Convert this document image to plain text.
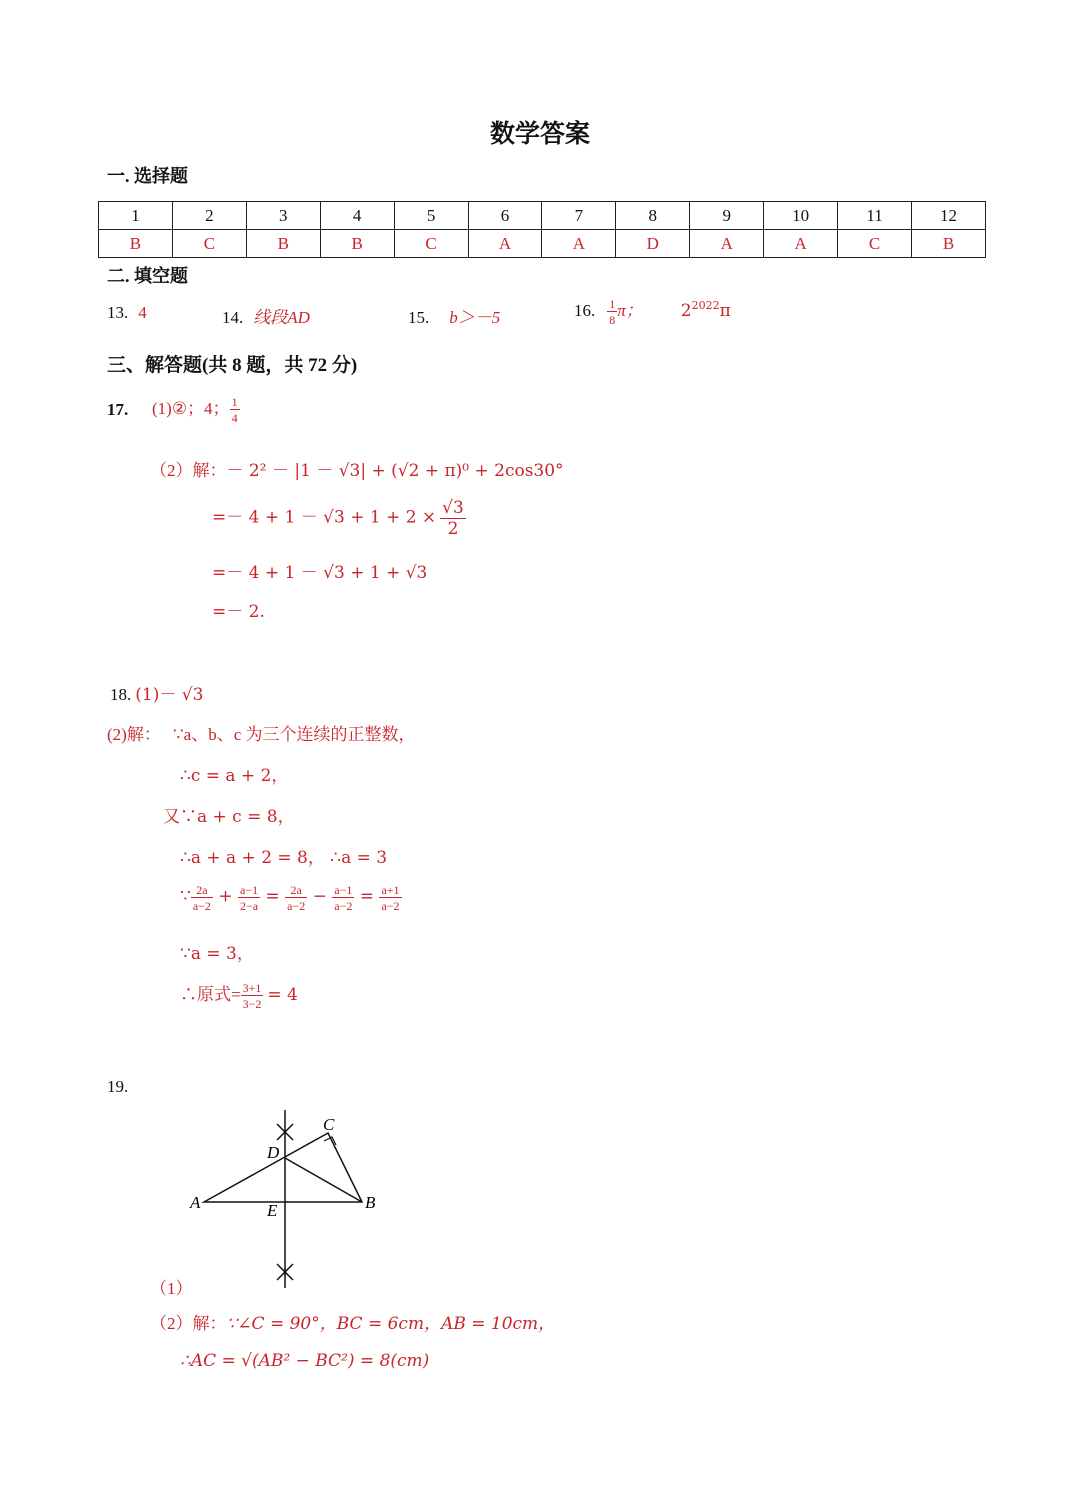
数学答案
一. 选择题
1	2	3	4	5	6	7	8	9	10	11	12
B	C	B	B	C	A	A	D	A	A	C	B
二. 填空题
13. 4	14. 线段AD	15. b＞－5	16. $\frac{1}{8}$ π； $2^{2022}\pi$
三、解答题(共 8 题，共 72 分)
17. (1)②；4； $\frac{1}{4}$
（2）解：－ 2² － |1 － √3| + (√2 + π)⁰ + 2cos30°
=－ $4 + 1 - √3 + 1 + 2 \times \frac{√3}{2}$
=－ 4 + 1 － √3 + 1 + √3
=－ 2.
18. (1)－ √3
(2)解： ∵a、b、c 为三个连续的正整数，
∴c = a + 2，
又∵a + c = 8，
∴a + a + 2 = 8， ∴a = 3
∵ $\frac{2a}{a-2} + \frac{a-1}{2-a} = \frac{2a}{a-2} - \frac{a-1}{a-2} = \frac{a+1}{a-2}$
∵a = 3，
∴原式= $\frac{3+1}{3-2} = 4$
19.
A	B
C
D
E
（1）
（2）解：∵∠C = 90°，BC = 6cm，AB = 10cm，
∴AC = √(AB² − BC²) = 8(cm)
